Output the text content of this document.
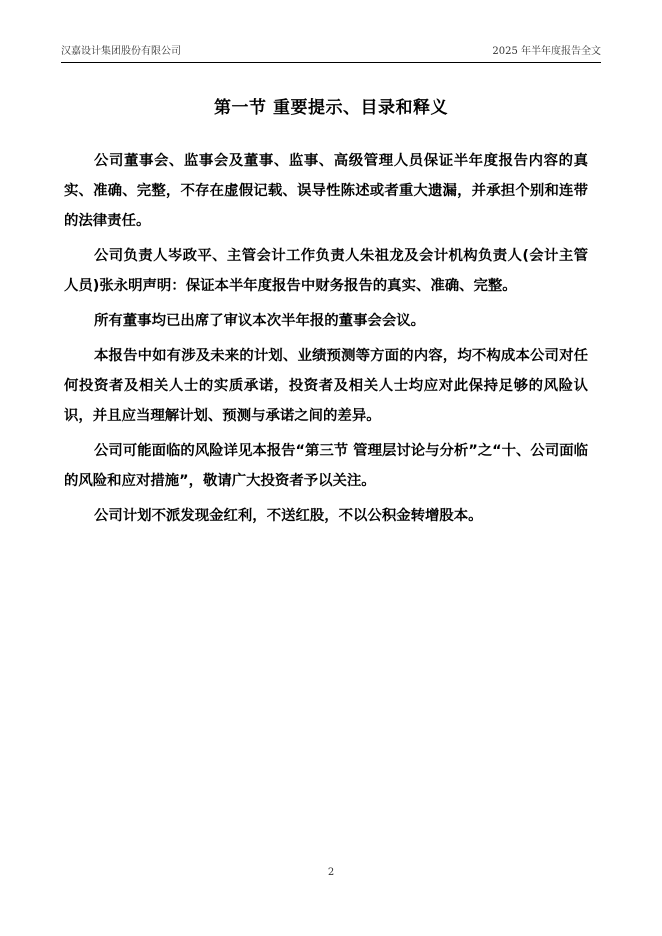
汉嘉设计集团股份有限公司	2025 年半年度报告全文
第一节 重要提示、目录和释义

公司董事会、监事会及董事、监事、高级管理人员保证半年度报告内容的真实、准确、完整，不存在虚假记载、误导性陈述或者重大遗漏，并承担个别和连带的法律责任。

公司负责人岑政平、主管会计工作负责人朱祖龙及会计机构负责人(会计主管人员)张永明声明：保证本半年度报告中财务报告的真实、准确、完整。

所有董事均已出席了审议本次半年报的董事会会议。

本报告中如有涉及未来的计划、业绩预测等方面的内容，均不构成本公司对任何投资者及相关人士的实质承诺，投资者及相关人士均应对此保持足够的风险认识，并且应当理解计划、预测与承诺之间的差异。

公司可能面临的风险详见本报告“第三节 管理层讨论与分析”之“十、公司面临的风险和应对措施”，敬请广大投资者予以关注。

公司计划不派发现金红利，不送红股，不以公积金转增股本。

2
